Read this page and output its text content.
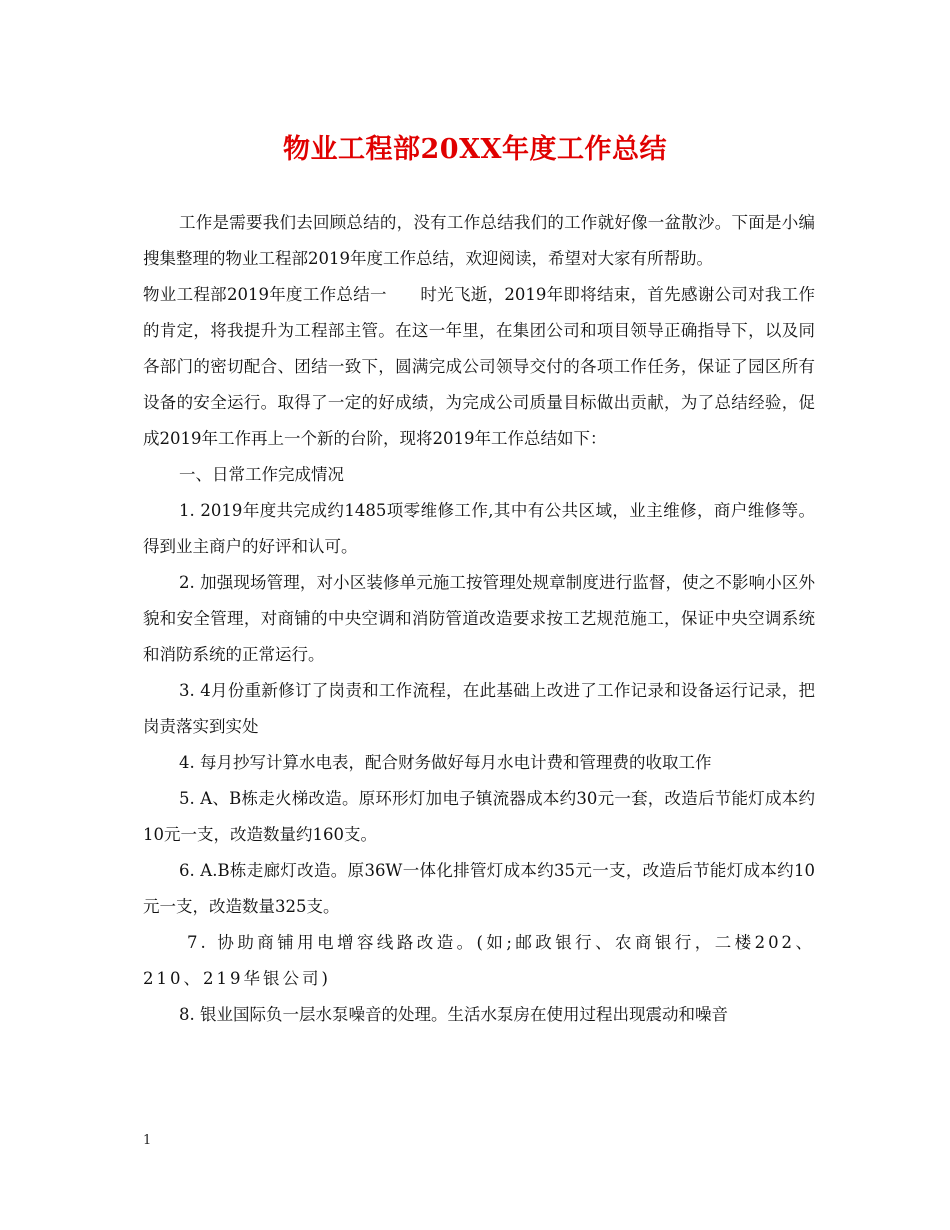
物业工程部20XX年度工作总结

工作是需要我们去回顾总结的，没有工作总结我们的工作就好像一盆散沙。下面是小编搜集整理的物业工程部2019年度工作总结，欢迎阅读，希望对大家有所帮助。

物业工程部2019年度工作总结一　　时光飞逝，2019年即将结束，首先感谢公司对我工作的肯定，将我提升为工程部主管。在这一年里，在集团公司和项目领导正确指导下，以及同各部门的密切配合、团结一致下，圆满完成公司领导交付的各项工作任务，保证了园区所有设备的安全运行。取得了一定的好成绩，为完成公司质量目标做出贡献，为了总结经验，促成2019年工作再上一个新的台阶，现将2019年工作总结如下：

一、日常工作完成情况

1. 2019年度共完成约1485项零维修工作,其中有公共区域，业主维修，商户维修等。得到业主商户的好评和认可。

2. 加强现场管理，对小区装修单元施工按管理处规章制度进行监督，使之不影响小区外貌和安全管理，对商铺的中央空调和消防管道改造要求按工艺规范施工，保证中央空调系统和消防系统的正常运行。

3. 4月份重新修订了岗责和工作流程，在此基础上改进了工作记录和设备运行记录，把岗责落实到实处

4. 每月抄写计算水电表，配合财务做好每月水电计费和管理费的收取工作

5. A、B栋走火梯改造。原环形灯加电子镇流器成本约30元一套，改造后节能灯成本约10元一支，改造数量约160支。

6. A.B栋走廊灯改造。原36W一体化排管灯成本约35元一支，改造后节能灯成本约10元一支，改造数量325支。

7. 协助商铺用电增容线路改造。(如;邮政银行、农商银行，二楼202、210、219华银公司)

8. 银业国际负一层水泵噪音的处理。生活水泵房在使用过程出现震动和噪音

1
